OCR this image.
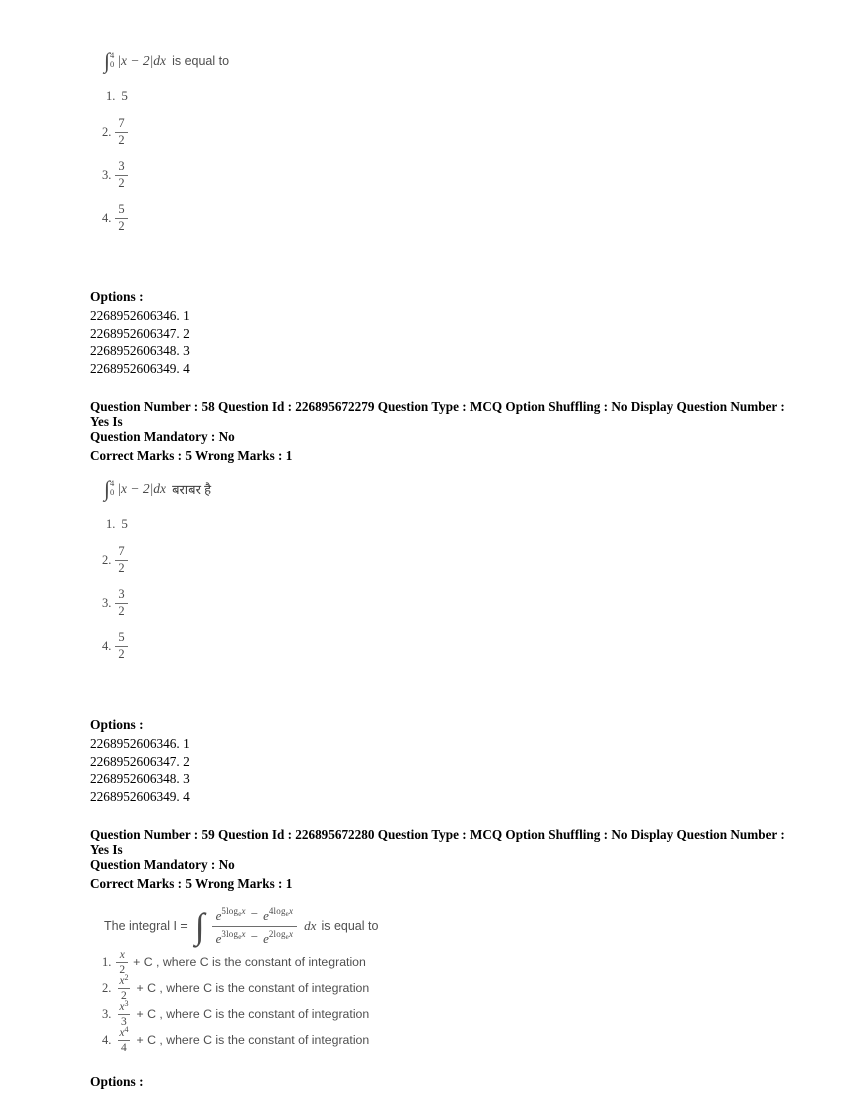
∫ 4
0 |x − 2|dx is equal to
1. 5
2. $\frac{7}{2}$
3. $\frac{3}{2}$
4. $\frac{5}{2}$
Options :
2268952606346. 1
2268952606347. 2
2268952606348. 3
2268952606349. 4
Question Number : 58 Question Id : 226895672279 Question Type : MCQ Option Shuffling : No Display Question Number : Yes Is
Question Mandatory : No
Correct Marks : 5 Wrong Marks : 1
∫ 4
0 |x − 2|dx बराबर है
1. 5
2. $\frac{7}{2}$
3. $\frac{3}{2}$
4. $\frac{5}{2}$
Options :
2268952606346. 1
2268952606347. 2
2268952606348. 3
2268952606349. 4
Question Number : 59 Question Id : 226895672280 Question Type : MCQ Option Shuffling : No Display Question Number : Yes Is
Question Mandatory : No
Correct Marks : 5 Wrong Marks : 1
The integral I = ∫ $\frac{e^{5log_ex} - e^{4log_ex}}{e^{3log_ex} - e^{2log_ex}}$ dx is equal to
1. $\frac{x}{2} + C$ , where C is the constant of integration
2. $\frac{x^2}{2} + C$ , where C is the constant of integration
3. $\frac{x^3}{3} + C$ , where C is the constant of integration
4. $\frac{x^4}{4} + C$ , where C is the constant of integration
Options :
